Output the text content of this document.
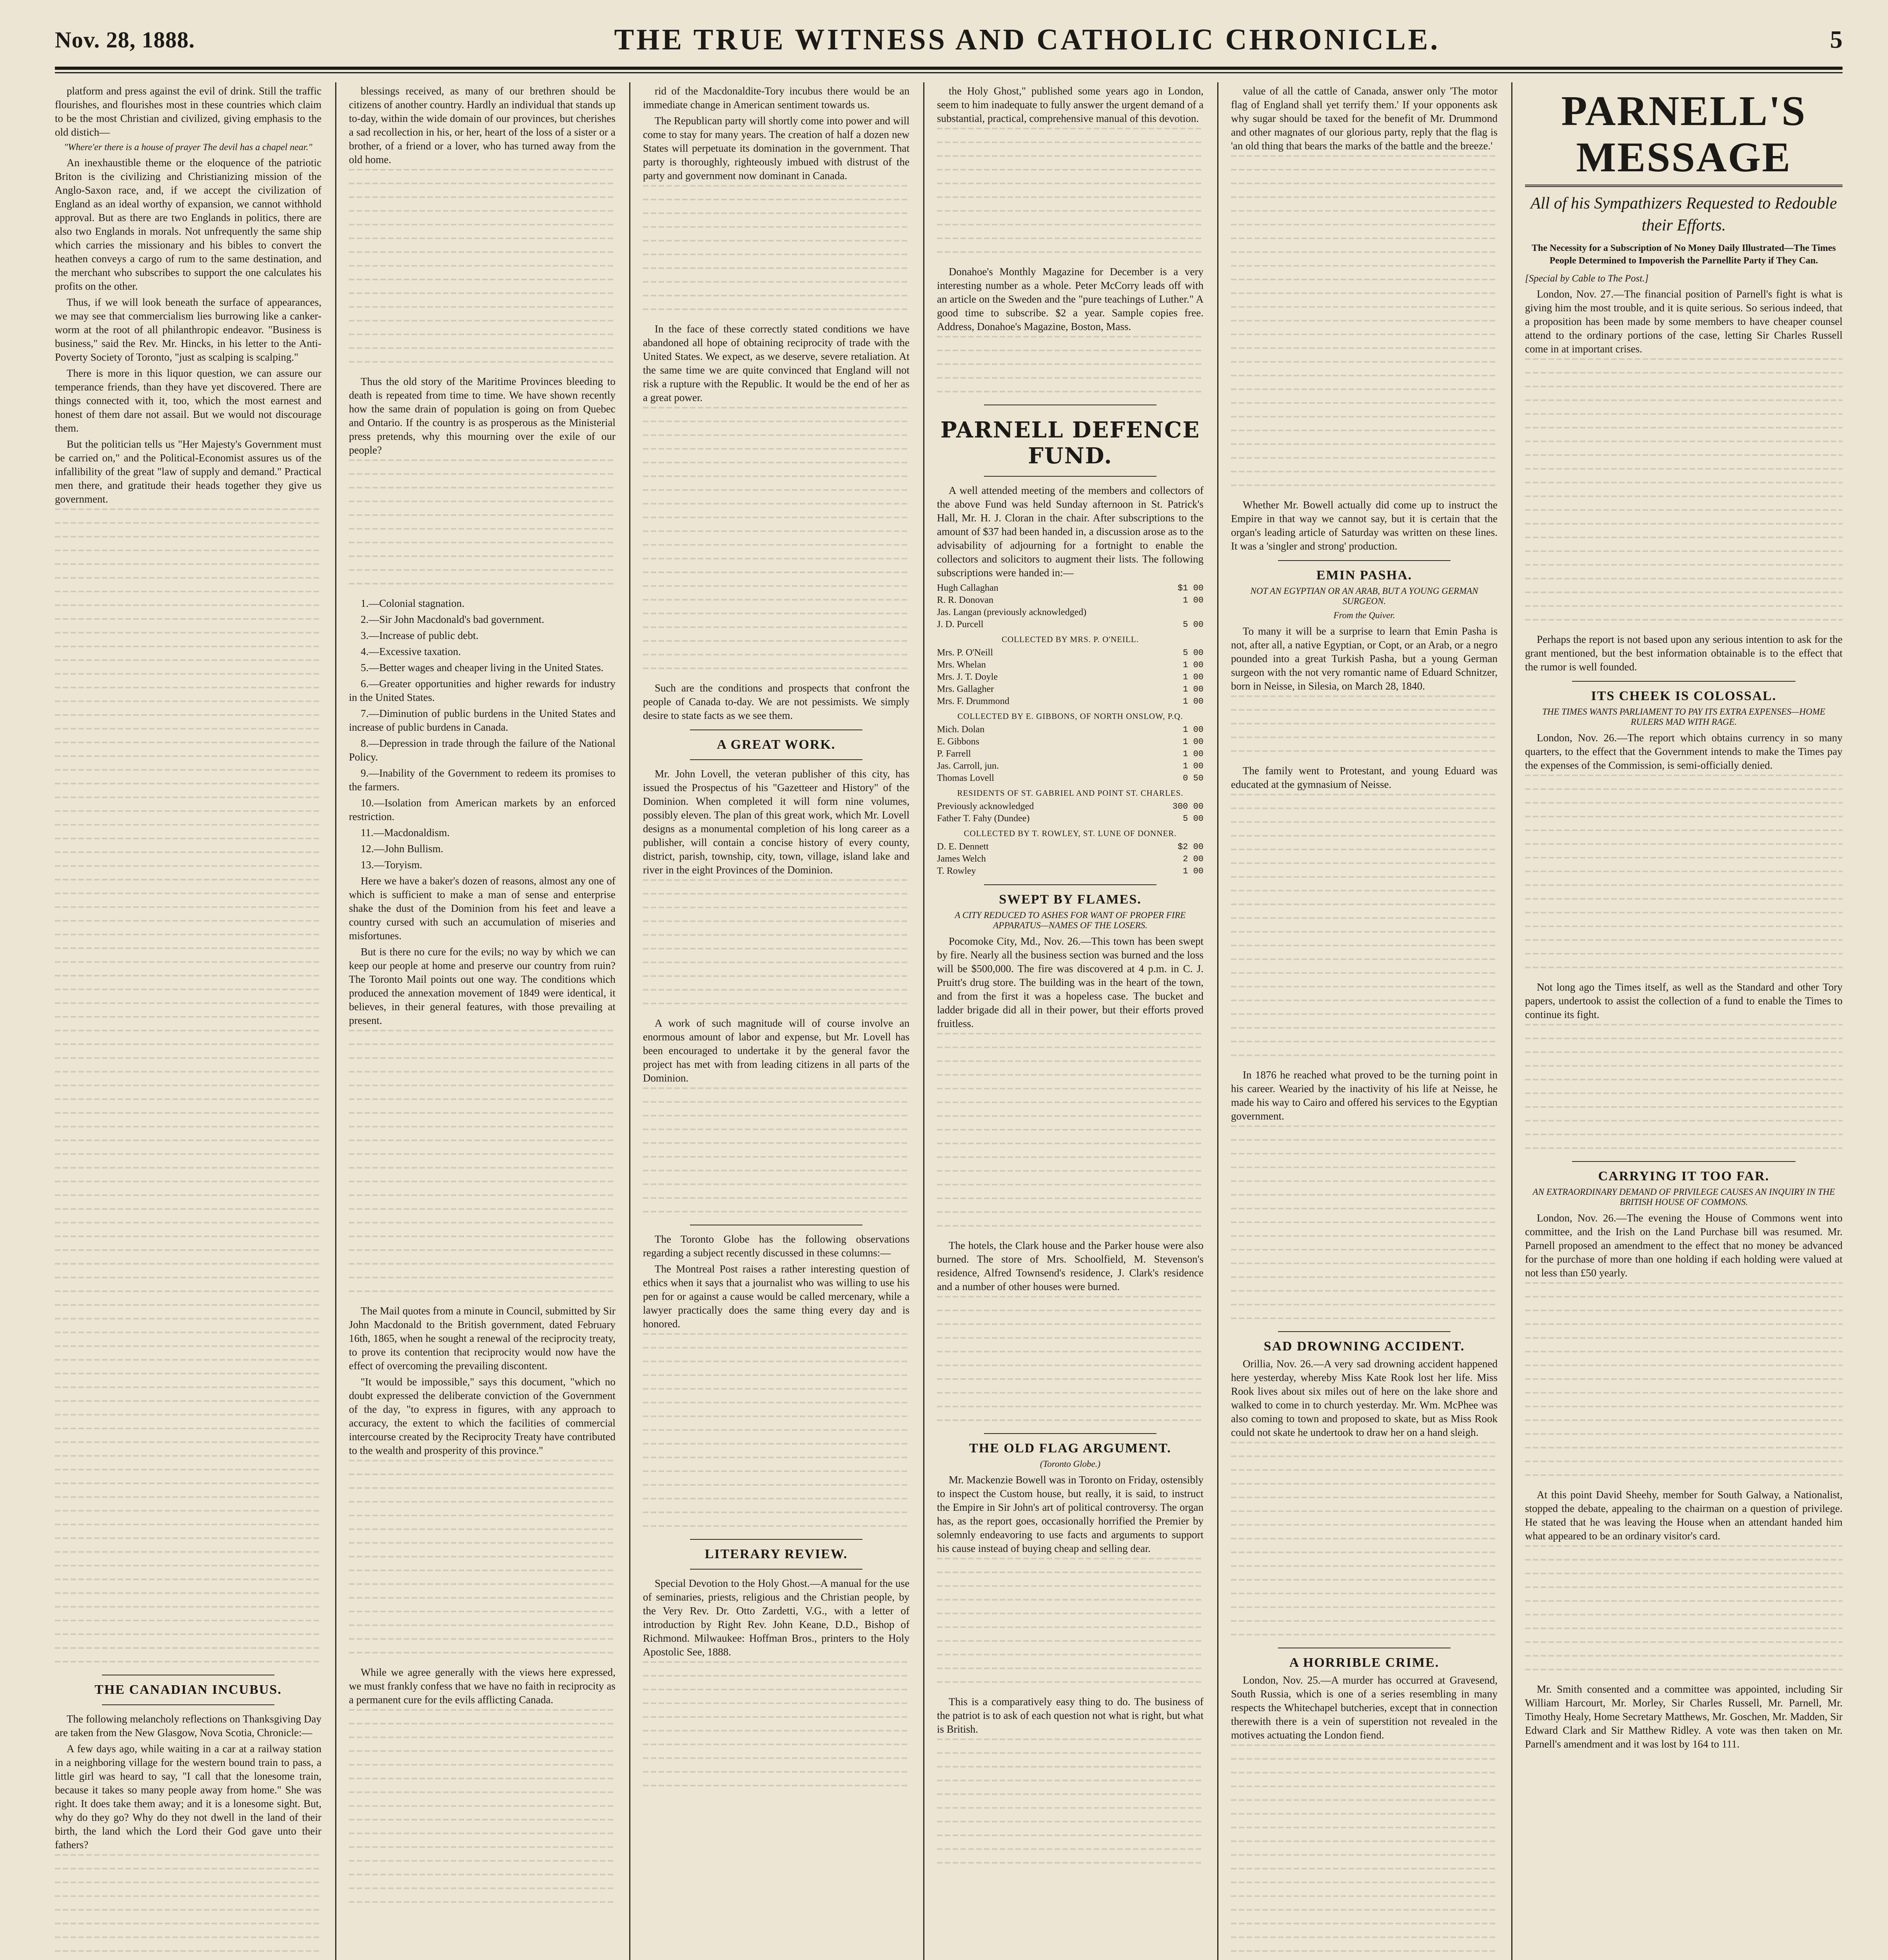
Nov. 28, 1888.	THE TRUE WITNESS AND CATHOLIC CHRONICLE.	5

platform and press against the evil of drink. Still the traffic flourishes, and flourishes most in these countries which claim to be the most Christian and civilized, giving emphasis to the old distich—

"Where'er there is a house of prayer The devil has a chapel near."

An inexhaustible theme or the eloquence of the patriotic Briton is the civilizing and Christianizing mission of the Anglo-Saxon race, and, if we accept the civilization of England as an ideal worthy of expansion, we cannot withhold approval. But as there are two Englands in politics, there are also two Englands in morals. Not unfrequently the same ship which carries the missionary and his bibles to convert the heathen conveys a cargo of rum to the same destination, and the merchant who subscribes to support the one calculates his profits on the other.

Thus, if we will look beneath the surface of appearances, we may see that commercialism lies burrowing like a canker-worm at the root of all philanthropic endeavor. "Business is business," said the Rev. Mr. Hincks, in his letter to the Anti-Poverty Society of Toronto, "just as scalping is scalping."

There is more in this liquor question, we can assure our temperance friends, than they have yet discovered. There are things connected with it, too, which the most earnest and honest of them dare not assail. But we would not discourage them.

But the politician tells us "Her Majesty's Government must be carried on," and the Political-Economist assures us of the infallibility of the great "law of supply and demand." Practical men there, and gratitude their heads together they give us government.

THE CANADIAN INCUBUS.

The following melancholy reflections on Thanksgiving Day are taken from the New Glasgow, Nova Scotia, Chronicle:—

A few days ago, while waiting in a car at a railway station in a neighboring village for the western bound train to pass, a little girl was heard to say, "I call that the lonesome train, because it takes so many people away from home." She was right. It does take them away; and it is a lonesome sight. But, why do they go? Why do they not dwell in the land of their birth, the land which the Lord their God gave unto their fathers?

blessings received, as many of our brethren should be citizens of another country. Hardly an individual that stands up to-day, within the wide domain of our provinces, but cherishes a sad recollection in his, or her, heart of the loss of a sister or a brother, of a friend or a lover, who has turned away from the old home.

Thus the old story of the Maritime Provinces bleeding to death is repeated from time to time. We have shown recently how the same drain of population is going on from Quebec and Ontario. If the country is as prosperous as the Ministerial press pretends, why this mourning over the exile of our people?

1.—Colonial stagnation.

2.—Sir John Macdonald's bad government.

3.—Increase of public debt.

4.—Excessive taxation.

5.—Better wages and cheaper living in the United States.

6.—Greater opportunities and higher rewards for industry in the United States.

7.—Diminution of public burdens in the United States and increase of public burdens in Canada.

8.—Depression in trade through the failure of the National Policy.

9.—Inability of the Government to redeem its promises to the farmers.

10.—Isolation from American markets by an enforced restriction.

11.—Macdonaldism.

12.—John Bullism.

13.—Toryism.

Here we have a baker's dozen of reasons, almost any one of which is sufficient to make a man of sense and enterprise shake the dust of the Dominion from his feet and leave a country cursed with such an accumulation of miseries and misfortunes.

But is there no cure for the evils; no way by which we can keep our people at home and preserve our country from ruin? The Toronto Mail points out one way. The conditions which produced the annexation movement of 1849 were identical, it believes, in their general features, with those prevailing at present.

The Mail quotes from a minute in Council, submitted by Sir John Macdonald to the British government, dated February 16th, 1865, when he sought a renewal of the reciprocity treaty, to prove its contention that reciprocity would now have the effect of overcoming the prevailing discontent.

"It would be impossible," says this document, "which no doubt expressed the deliberate conviction of the Government of the day, "to express in figures, with any approach to accuracy, the extent to which the facilities of commercial intercourse created by the Reciprocity Treaty have contributed to the wealth and prosperity of this province."

While we agree generally with the views here expressed, we must frankly confess that we have no faith in reciprocity as a permanent cure for the evils afflicting Canada.

rid of the Macdonaldite-Tory incubus there would be an immediate change in American sentiment towards us.

The Republican party will shortly come into power and will come to stay for many years. The creation of half a dozen new States will perpetuate its domination in the government. That party is thoroughly, righteously imbued with distrust of the party and government now dominant in Canada.

In the face of these correctly stated conditions we have abandoned all hope of obtaining reciprocity of trade with the United States. We expect, as we deserve, severe retaliation. At the same time we are quite convinced that England will not risk a rupture with the Republic. It would be the end of her as a great power.

Such are the conditions and prospects that confront the people of Canada to-day. We are not pessimists. We simply desire to state facts as we see them.

A GREAT WORK.

Mr. John Lovell, the veteran publisher of this city, has issued the Prospectus of his "Gazetteer and History" of the Dominion. When completed it will form nine volumes, possibly eleven. The plan of this great work, which Mr. Lovell designs as a monumental completion of his long career as a publisher, will contain a concise history of every county, district, parish, township, city, town, village, island lake and river in the eight Provinces of the Dominion.

A work of such magnitude will of course involve an enormous amount of labor and expense, but Mr. Lovell has been encouraged to undertake it by the general favor the project has met with from leading citizens in all parts of the Dominion.

The Toronto Globe has the following observations regarding a subject recently discussed in these columns:—

The Montreal Post raises a rather interesting question of ethics when it says that a journalist who was willing to use his pen for or against a cause would be called mercenary, while a lawyer practically does the same thing every day and is honored.

LITERARY REVIEW.

Special Devotion to the Holy Ghost.—A manual for the use of seminaries, priests, religious and the Christian people, by the Very Rev. Dr. Otto Zardetti, V.G., with a letter of introduction by Right Rev. John Keane, D.D., Bishop of Richmond. Milwaukee: Hoffman Bros., printers to the Holy Apostolic See, 1888.

the Holy Ghost," published some years ago in London, seem to him inadequate to fully answer the urgent demand of a substantial, practical, comprehensive manual of this devotion.

Donahoe's Monthly Magazine for December is a very interesting number as a whole. Peter McCorry leads off with an article on the Sweden and the "pure teachings of Luther." A good time to subscribe. $2 a year. Sample copies free. Address, Donahoe's Magazine, Boston, Mass.

PARNELL DEFENCE FUND.

A well attended meeting of the members and collectors of the above Fund was held Sunday afternoon in St. Patrick's Hall, Mr. H. J. Cloran in the chair. After subscriptions to the amount of $37 had been handed in, a discussion arose as to the advisability of adjourning for a fortnight to enable the collectors and solicitors to augment their lists. The following subscriptions were handed in:—

Hugh Callaghan	$1 00
R. R. Donovan	1 00
Jas. Langan (previously acknowledged)	
J. D. Purcell	5 00
COLLECTED BY MRS. P. O'NEILL.
Mrs. P. O'Neill	5 00
Mrs. Whelan	1 00
Mrs. J. T. Doyle	1 00
Mrs. Gallagher	1 00
Mrs. F. Drummond	1 00
COLLECTED BY E. GIBBONS, OF NORTH ONSLOW, P.Q.
Mich. Dolan	1 00
E. Gibbons	1 00
P. Farrell	1 00
Jas. Carroll, jun.	1 00
Thomas Lovell	0 50
RESIDENTS OF ST. GABRIEL AND POINT ST. CHARLES.
Previously acknowledged	300 00
Father T. Fahy (Dundee)	5 00
COLLECTED BY T. ROWLEY, ST. LUNE OF DONNER.
D. E. Dennett	$2 00
James Welch	2 00
T. Rowley	1 00
SWEPT BY FLAMES.
A CITY REDUCED TO ASHES FOR WANT OF PROPER FIRE APPARATUS—NAMES OF THE LOSERS.

Pocomoke City, Md., Nov. 26.—This town has been swept by fire. Nearly all the business section was burned and the loss will be $500,000. The fire was discovered at 4 p.m. in C. J. Pruitt's drug store. The building was in the heart of the town, and from the first it was a hopeless case. The bucket and ladder brigade did all in their power, but their efforts proved fruitless.

The hotels, the Clark house and the Parker house were also burned. The store of Mrs. Schoolfield, M. Stevenson's residence, Alfred Townsend's residence, J. Clark's residence and a number of other houses were burned.

THE OLD FLAG ARGUMENT.
(Toronto Globe.)

Mr. Mackenzie Bowell was in Toronto on Friday, ostensibly to inspect the Custom house, but really, it is said, to instruct the Empire in Sir John's art of political controversy. The organ has, as the report goes, occasionally horrified the Premier by solemnly endeavoring to use facts and arguments to support his cause instead of buying cheap and selling dear.

This is a comparatively easy thing to do. The business of the patriot is to ask of each question not what is right, but what is British.

value of all the cattle of Canada, answer only 'The motor flag of England shall yet terrify them.' If your opponents ask why sugar should be taxed for the benefit of Mr. Drummond and other magnates of our glorious party, reply that the flag is 'an old thing that bears the marks of the battle and the breeze.'

Whether Mr. Bowell actually did come up to instruct the Empire in that way we cannot say, but it is certain that the organ's leading article of Saturday was written on these lines. It was a 'singler and strong' production.

EMIN PASHA.
NOT AN EGYPTIAN OR AN ARAB, BUT A YOUNG GERMAN SURGEON.
From the Quiver.

To many it will be a surprise to learn that Emin Pasha is not, after all, a native Egyptian, or Copt, or an Arab, or a negro pounded into a great Turkish Pasha, but a young German surgeon with the not very romantic name of Eduard Schnitzer, born in Neisse, in Silesia, on March 28, 1840.

The family went to Protestant, and young Eduard was educated at the gymnasium of Neisse.

In 1876 he reached what proved to be the turning point in his career. Wearied by the inactivity of his life at Neisse, he made his way to Cairo and offered his services to the Egyptian government.

SAD DROWNING ACCIDENT.

Orillia, Nov. 26.—A very sad drowning accident happened here yesterday, whereby Miss Kate Rook lost her life. Miss Rook lives about six miles out of here on the lake shore and walked to come in to church yesterday. Mr. Wm. McPhee was also coming to town and proposed to skate, but as Miss Rook could not skate he undertook to draw her on a hand sleigh.

A HORRIBLE CRIME.

London, Nov. 25.—A murder has occurred at Gravesend, South Russia, which is one of a series resembling in many respects the Whitechapel butcheries, except that in connection therewith there is a vein of superstition not revealed in the motives actuating the London fiend.

PARNELL'S MESSAGE
All of his Sympathizers Requested to Redouble their Efforts.
The Necessity for a Subscription of No Money Daily Illustrated—The Times People Determined to Impoverish the Parnellite Party if They Can.
[Special by Cable to The Post.]

London, Nov. 27.—The financial position of Parnell's fight is what is giving him the most trouble, and it is quite serious. So serious indeed, that a proposition has been made by some members to have cheaper counsel attend to the ordinary portions of the case, letting Sir Charles Russell come in at important crises.

Perhaps the report is not based upon any serious intention to ask for the grant mentioned, but the best information obtainable is to the effect that the rumor is well founded.

ITS CHEEK IS COLOSSAL.
THE TIMES WANTS PARLIAMENT TO PAY ITS EXTRA EXPENSES—HOME RULERS MAD WITH RAGE.

London, Nov. 26.—The report which obtains currency in so many quarters, to the effect that the Government intends to make the Times pay the expenses of the Commission, is semi-officially denied.

Not long ago the Times itself, as well as the Standard and other Tory papers, undertook to assist the collection of a fund to enable the Times to continue its fight.

CARRYING IT TOO FAR.
AN EXTRAORDINARY DEMAND OF PRIVILEGE CAUSES AN INQUIRY IN THE BRITISH HOUSE OF COMMONS.

London, Nov. 26.—The evening the House of Commons went into committee, and the Irish on the Land Purchase bill was resumed. Mr. Parnell proposed an amendment to the effect that no money be advanced for the purchase of more than one holding if each holding were valued at not less than £50 yearly.

At this point David Sheehy, member for South Galway, a Nationalist, stopped the debate, appealing to the chairman on a question of privilege. He stated that he was leaving the House when an attendant handed him what appeared to be an ordinary visitor's card.

Mr. Smith consented and a committee was appointed, including Sir William Harcourt, Mr. Morley, Sir Charles Russell, Mr. Parnell, Mr. Timothy Healy, Home Secretary Matthews, Mr. Goschen, Mr. Madden, Sir Edward Clark and Sir Matthew Ridley. A vote was then taken on Mr. Parnell's amendment and it was lost by 164 to 111.
